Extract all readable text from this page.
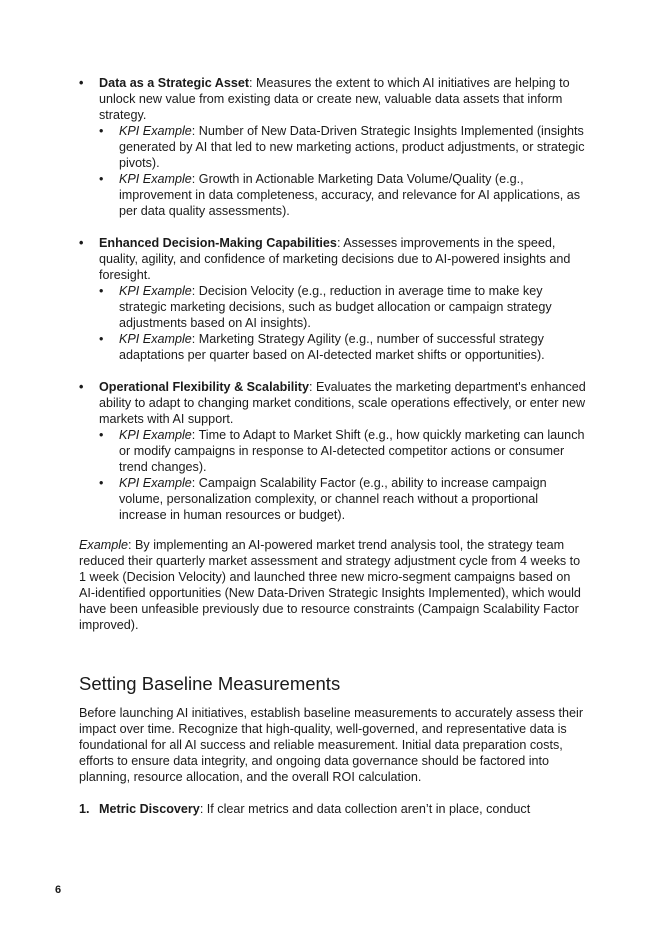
• Data as a Strategic Asset: Measures the extent to which AI initiatives are helping to unlock new value from existing data or create new, valuable data assets that inform strategy.
• KPI Example: Number of New Data-Driven Strategic Insights Implemented (insights generated by AI that led to new marketing actions, product adjustments, or strategic pivots).
• KPI Example: Growth in Actionable Marketing Data Volume/Quality (e.g., improvement in data completeness, accuracy, and relevance for AI applications, as per data quality assessments).
• Enhanced Decision-Making Capabilities: Assesses improvements in the speed, quality, agility, and confidence of marketing decisions due to AI-powered insights and foresight.
• KPI Example: Decision Velocity (e.g., reduction in average time to make key strategic marketing decisions, such as budget allocation or campaign strategy adjustments based on AI insights).
• KPI Example: Marketing Strategy Agility (e.g., number of successful strategy adaptations per quarter based on AI-detected market shifts or opportunities).
• Operational Flexibility & Scalability: Evaluates the marketing department's enhanced ability to adapt to changing market conditions, scale operations effectively, or enter new markets with AI support.
• KPI Example: Time to Adapt to Market Shift (e.g., how quickly marketing can launch or modify campaigns in response to AI-detected competitor actions or consumer trend changes).
• KPI Example: Campaign Scalability Factor (e.g., ability to increase campaign volume, personalization complexity, or channel reach without a proportional increase in human resources or budget).
Example: By implementing an AI-powered market trend analysis tool, the strategy team reduced their quarterly market assessment and strategy adjustment cycle from 4 weeks to 1 week (Decision Velocity) and launched three new micro-segment campaigns based on AI-identified opportunities (New Data-Driven Strategic Insights Implemented), which would have been unfeasible previously due to resource constraints (Campaign Scalability Factor improved).
Setting Baseline Measurements
Before launching AI initiatives, establish baseline measurements to accurately assess their impact over time. Recognize that high-quality, well-governed, and representative data is foundational for all AI success and reliable measurement. Initial data preparation costs, efforts to ensure data integrity, and ongoing data governance should be factored into planning, resource allocation, and the overall ROI calculation.
1. Metric Discovery: If clear metrics and data collection aren’t in place, conduct
6
